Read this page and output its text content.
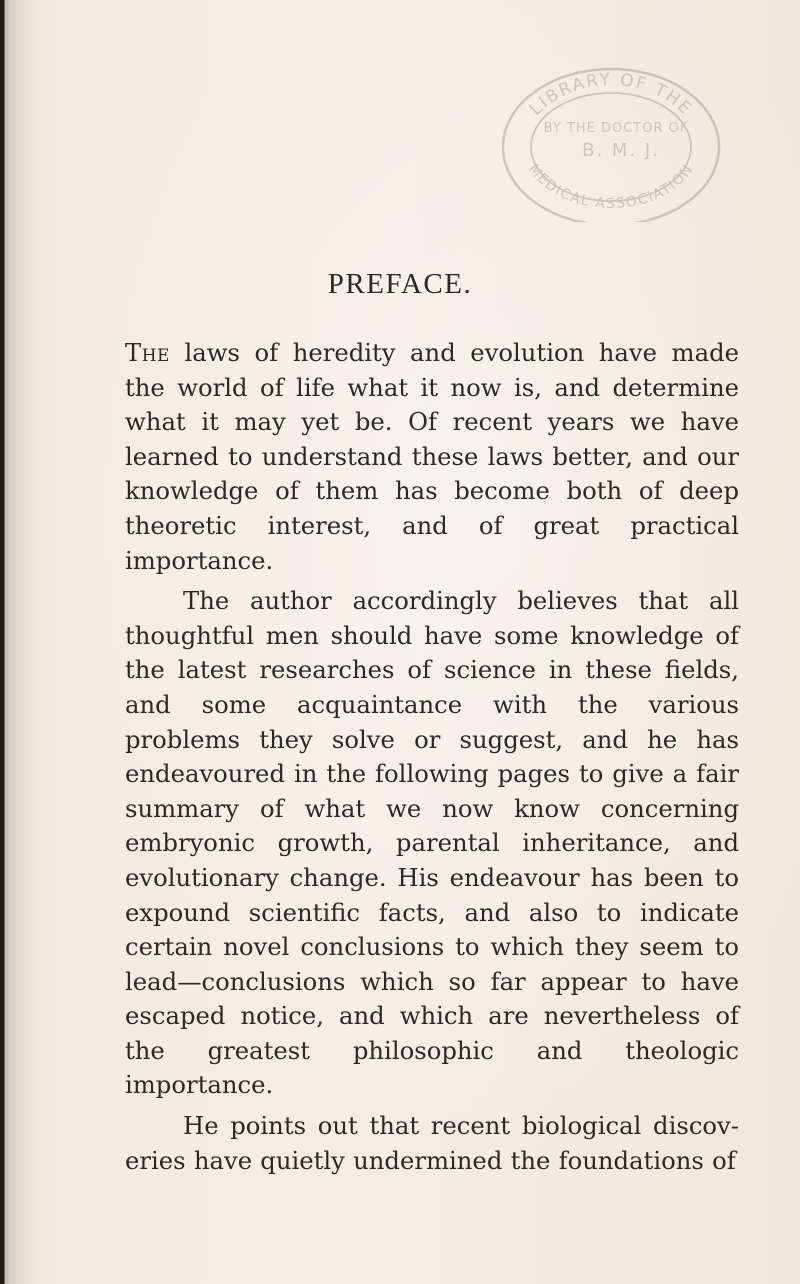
LIBRARY OF THE
BY THE DOCTOR OF
B. M. J.
MEDICAL ASSOCIATION
PREFACE.

The laws of heredity and evolution have made the world of life what it now is, and determine what it may yet be. Of recent years we have learned to understand these laws better, and our knowledge of them has become both of deep theoretic interest, and of great practical importance.

The author accordingly believes that all thoughtful men should have some knowledge of the latest researches of science in these fields, and some acquaintance with the various problems they solve or suggest, and he has endeavoured in the following pages to give a fair summary of what we now know concerning embryonic growth, parental inheritance, and evolutionary change. His endeavour has been to expound scientific facts, and also to indicate certain novel conclusions to which they seem to lead—conclusions which so far appear to have escaped notice, and which are nevertheless of the greatest philosophic and theologic importance.

He points out that recent biological discov-eries have quietly undermined the foundations of
